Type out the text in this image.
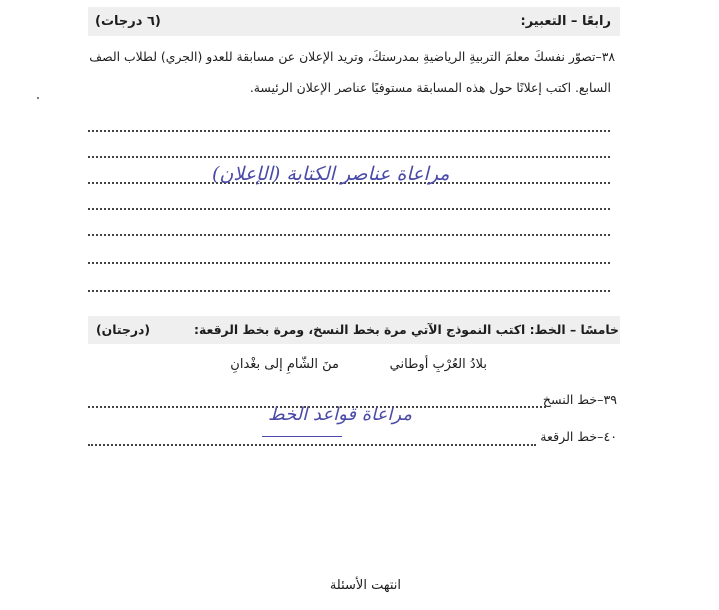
رابعًا – التعبير:
(٦ درجات)
٣٨–تصوّر نفسكَ معلمَ التربيةِ الرياضيةِ بمدرستكَ، وتريد الإعلان عن مسابقة للعدو (الجري) لطلاب الصف
السابع. اكتب إعلانًا حول هذه المسابقة مستوفيًا عناصر الإعلان الرئيسة.
مراعاة عناصر الكتابة (الإعلان)
خامسًا – الخط: اكتب النموذج الآتي مرة بخط النسخ، ومرة بخط الرقعة:
(درجتان)
بلادُ العُرْبِ أوطاني
منَ الشّامِ إلى بغْدانِ
٣٩–خط النسخ
مراعاة قواعد الخط
٤٠–خط الرقعة
انتهت الأسئلة
